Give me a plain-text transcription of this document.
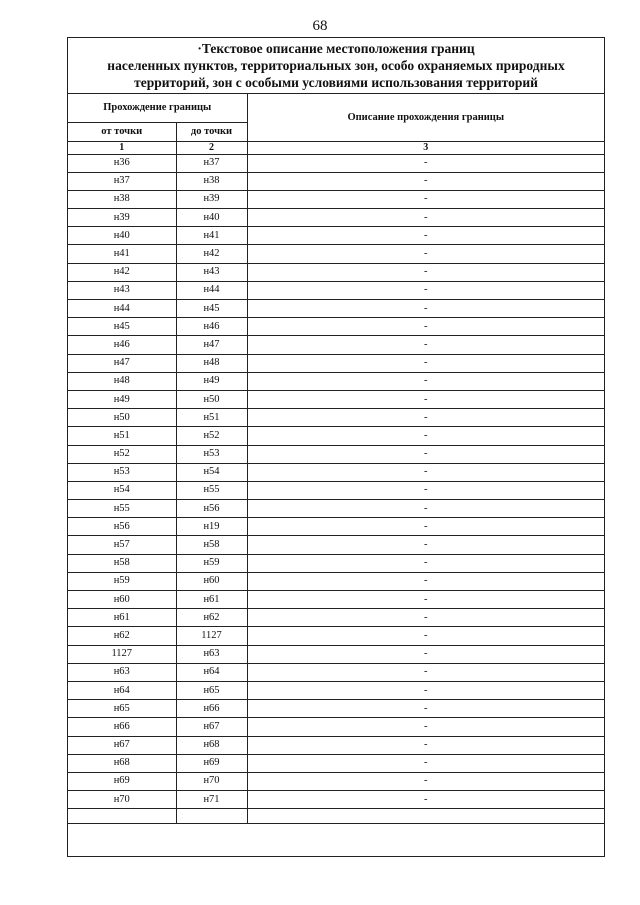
68
·Текстовое описание местоположения границ
населенных пунктов, территориальных зон, особо охраняемых природных
территорий, зон с особыми условиями использования территорий
Прохождение границы		Описание прохождения границы
от точки	до точки	
1	2	3
н36	н37	-
н37	н38	-
н38	н39	-
н39	н40	-
н40	н41	-
н41	н42	-
н42	н43	-
н43	н44	-
н44	н45	-
н45	н46	-
н46	н47	-
н47	н48	-
н48	н49	-
н49	н50	-
н50	н51	-
н51	н52	-
н52	н53	-
н53	н54	-
н54	н55	-
н55	н56	-
н56	н19	-
н57	н58	-
н58	н59	-
н59	н60	-
н60	н61	-
н61	н62	-
н62	1127	-
1127	н63	-
н63	н64	-
н64	н65	-
н65	н66	-
н66	н67	-
н67	н68	-
н68	н69	-
н69	н70	-
н70	н71	-
